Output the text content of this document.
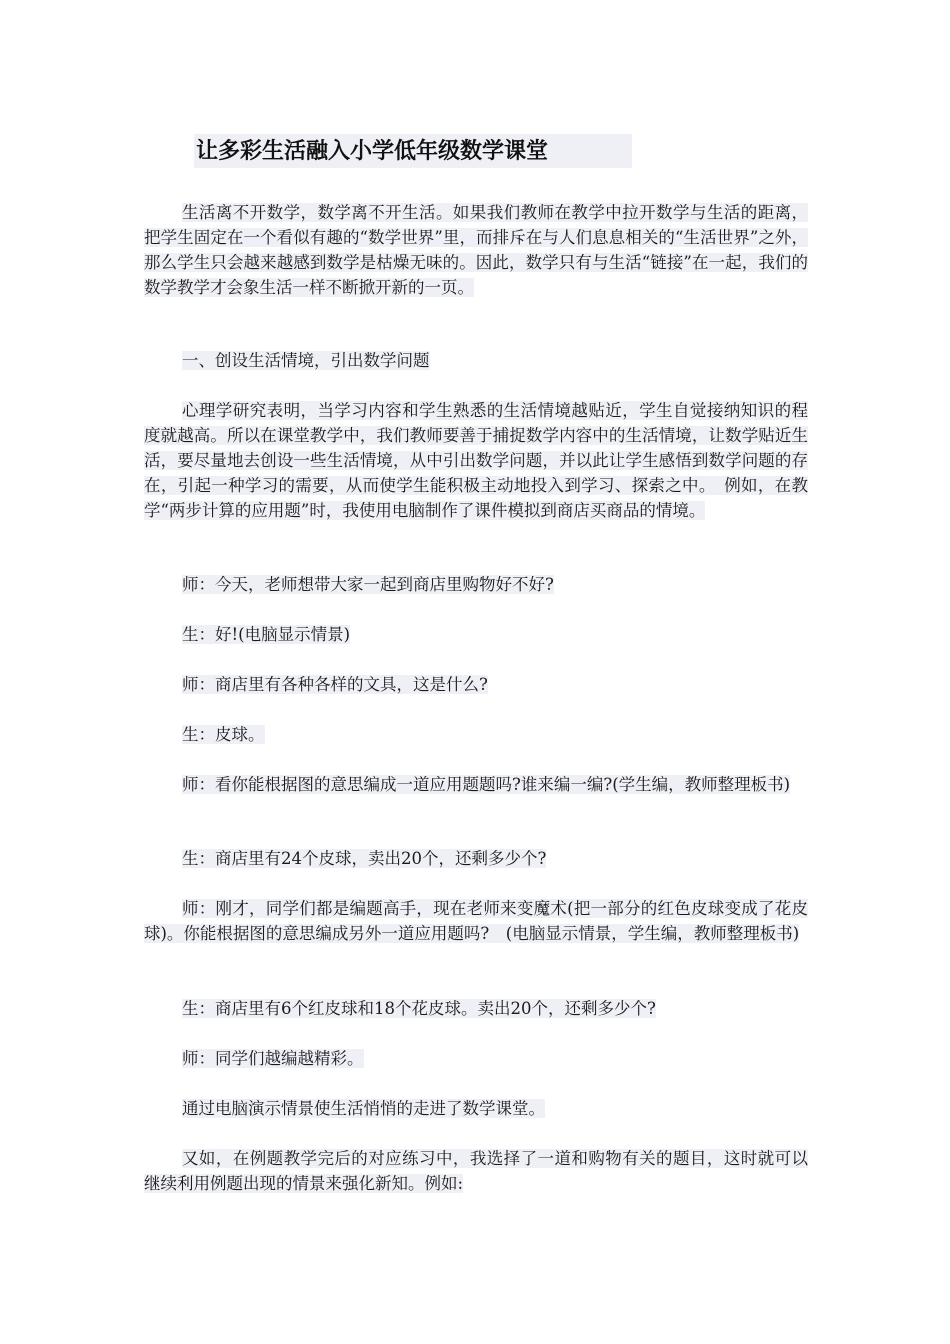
让多彩生活融入小学低年级数学课堂

生活离不开数学，数学离不开生活。如果我们教师在教学中拉开数学与生活的距离，把学生固定在一个看似有趣的“数学世界”里，而排斥在与人们息息相关的“生活世界”之外，那么学生只会越来越感到数学是枯燥无味的。因此，数学只有与生活“链接”在一起，我们的数学教学才会象生活一样不断掀开新的一页。

一、创设生活情境，引出数学问题

心理学研究表明，当学习内容和学生熟悉的生活情境越贴近，学生自觉接纳知识的程度就越高。所以在课堂教学中，我们教师要善于捕捉数学内容中的生活情境，让数学贴近生活，要尽量地去创设一些生活情境，从中引出数学问题，并以此让学生感悟到数学问题的存在，引起一种学习的需要，从而使学生能积极主动地投入到学习、探索之中。　例如，在教学“两步计算的应用题”时，我使用电脑制作了课件模拟到商店买商品的情境。

师：今天，老师想带大家一起到商店里购物好不好?

生：好!(电脑显示情景)

师：商店里有各种各样的文具，这是什么?

生：皮球。

师：看你能根据图的意思编成一道应用题题吗?谁来编一编?(学生编，教师整理板书)

生：商店里有24个皮球，卖出20个，还剩多少个?

师：刚才，同学们都是编题高手，现在老师来变魔术(把一部分的红色皮球变成了花皮球)。你能根据图的意思编成另外一道应用题吗?　(电脑显示情景，学生编，教师整理板书)

生：商店里有6个红皮球和18个花皮球。卖出20个，还剩多少个?

师：同学们越编越精彩。

通过电脑演示情景使生活悄悄的走进了数学课堂。

又如，在例题教学完后的对应练习中，我选择了一道和购物有关的题目，这时就可以继续利用例题出现的情景来强化新知。例如:
